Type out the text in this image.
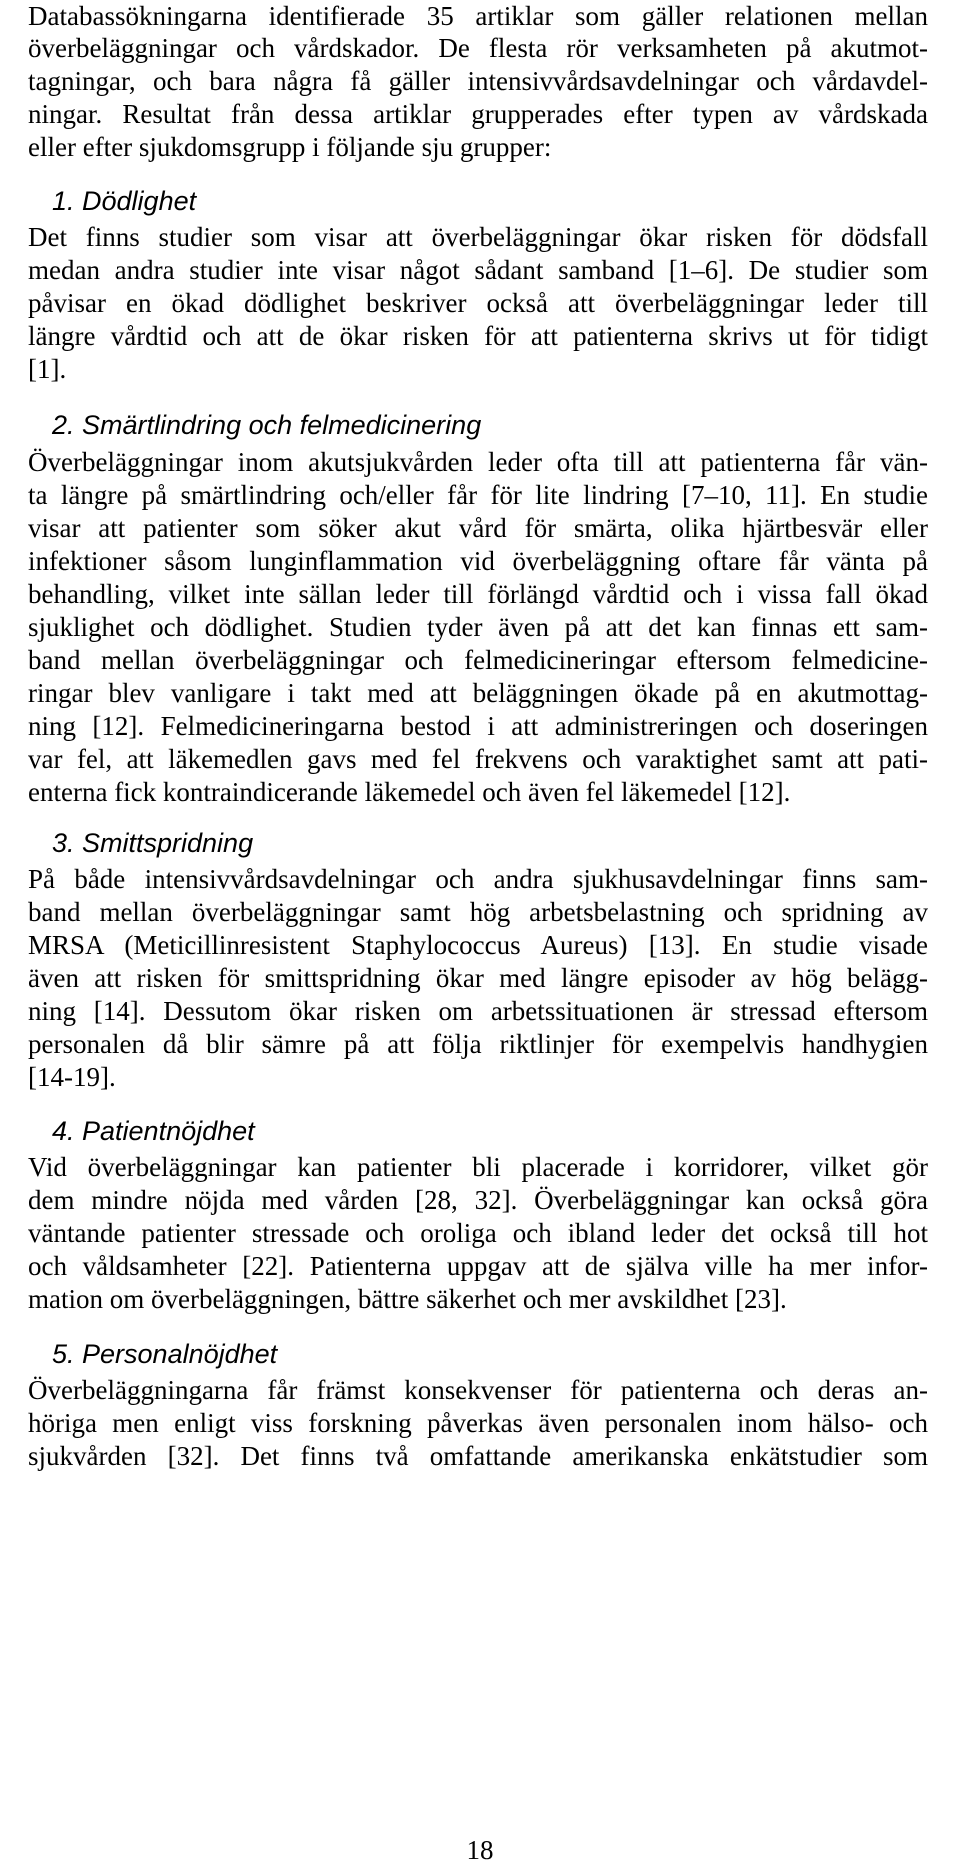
Databassökningarna identifierade 35 artiklar som gäller relationen mellan
överbeläggningar och vårdskador. De flesta rör verksamheten på akutmot-
tagningar, och bara några få gäller intensivvårdsavdelningar och vårdavdel-
ningar. Resultat från dessa artiklar grupperades efter typen av vårdskada
eller efter sjukdomsgrupp i följande sju grupper:
1. Dödlighet
Det finns studier som visar att överbeläggningar ökar risken för dödsfall
medan andra studier inte visar något sådant samband [1–6]. De studier som
påvisar en ökad dödlighet beskriver också att överbeläggningar leder till
längre vårdtid och att de ökar risken för att patienterna skrivs ut för tidigt
[1].
2. Smärtlindring och felmedicinering
Överbeläggningar inom akutsjukvården leder ofta till att patienterna får vän-
ta längre på smärtlindring och/eller får för lite lindring [7–10, 11]. En studie
visar att patienter som söker akut vård för smärta, olika hjärtbesvär eller
infektioner såsom lunginflammation vid överbeläggning oftare får vänta på
behandling, vilket inte sällan leder till förlängd vårdtid och i vissa fall ökad
sjuklighet och dödlighet. Studien tyder även på att det kan finnas ett sam-
band mellan överbeläggningar och felmedicineringar eftersom felmedicine-
ringar blev vanligare i takt med att beläggningen ökade på en akutmottag-
ning [12]. Felmedicineringarna bestod i att administreringen och doseringen
var fel, att läkemedlen gavs med fel frekvens och varaktighet samt att pati-
enterna fick kontraindicerande läkemedel och även fel läkemedel [12].
3. Smittspridning
På både intensivvårdsavdelningar och andra sjukhusavdelningar finns sam-
band mellan överbeläggningar samt hög arbetsbelastning och spridning av
MRSA (Meticillinresistent Staphylococcus Aureus) [13]. En studie visade
även att risken för smittspridning ökar med längre episoder av hög belägg-
ning [14]. Dessutom ökar risken om arbetssituationen är stressad eftersom
personalen då blir sämre på att följa riktlinjer för exempelvis handhygien
[14-19].
4. Patientnöjdhet
Vid överbeläggningar kan patienter bli placerade i korridorer, vilket gör
dem mindre nöjda med vården [28, 32]. Överbeläggningar kan också göra
väntande patienter stressade och oroliga och ibland leder det också till hot
och våldsamheter [22]. Patienterna uppgav att de själva ville ha mer infor-
mation om överbeläggningen, bättre säkerhet och mer avskildhet [23].
5. Personalnöjdhet
Överbeläggningarna får främst konsekvenser för patienterna och deras an-
höriga men enligt viss forskning påverkas även personalen inom hälso- och
sjukvården [32]. Det finns två omfattande amerikanska enkätstudier som
18
